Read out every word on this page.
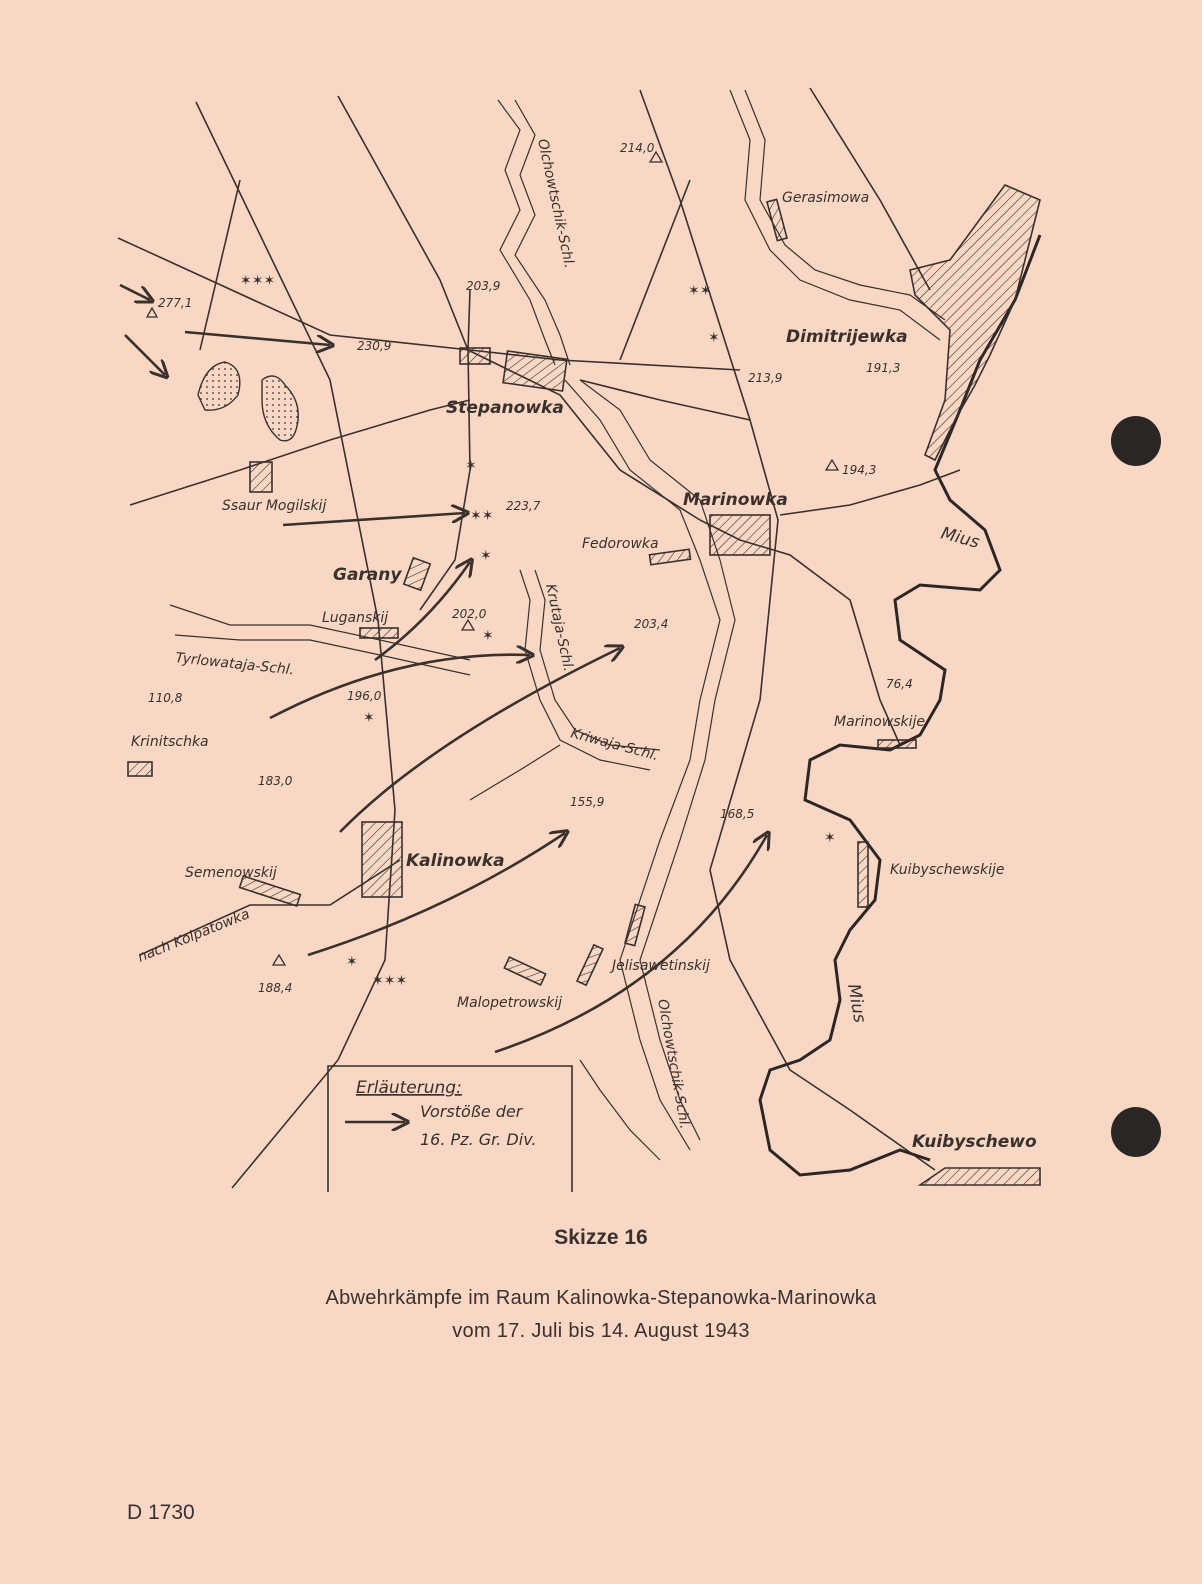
✶✶✶
✶✶
✶
✶
✶✶
✶
✶
✶
✶
✶✶✶
✶
Stepanowka
Marinowka
Kalinowka
Dimitrijewka
Garany
Kuibyschewo
Ssaur Mogilskij
Fedorowka
Luganskij
Krinitschka
Semenowskij
Malopetrowskij
Jelisawetinskij
Gerasimowa
Marinowskije
Kuibyschewskije
nach Kolpatowka
Mius
Mius
Olchowtschik-Schl.
Olchowtschik-Schl.
Krutaja-Schl.
Kriwaja-Schl.
Tyrlowataja-Schl.
277,1
230,9
203,9
214,0
213,9
191,3
194,3
223,7
202,0
203,4
196,0
110,8
183,0
155,9
168,5
76,4
188,4
Erläuterung:
Vorstöße der
16. Pz. Gr. Div.
Skizze 16
Abwehrkämpfe im Raum Kalinowka-Stepanowka-Marinowka
vom 17. Juli bis 14. August 1943
D 1730
